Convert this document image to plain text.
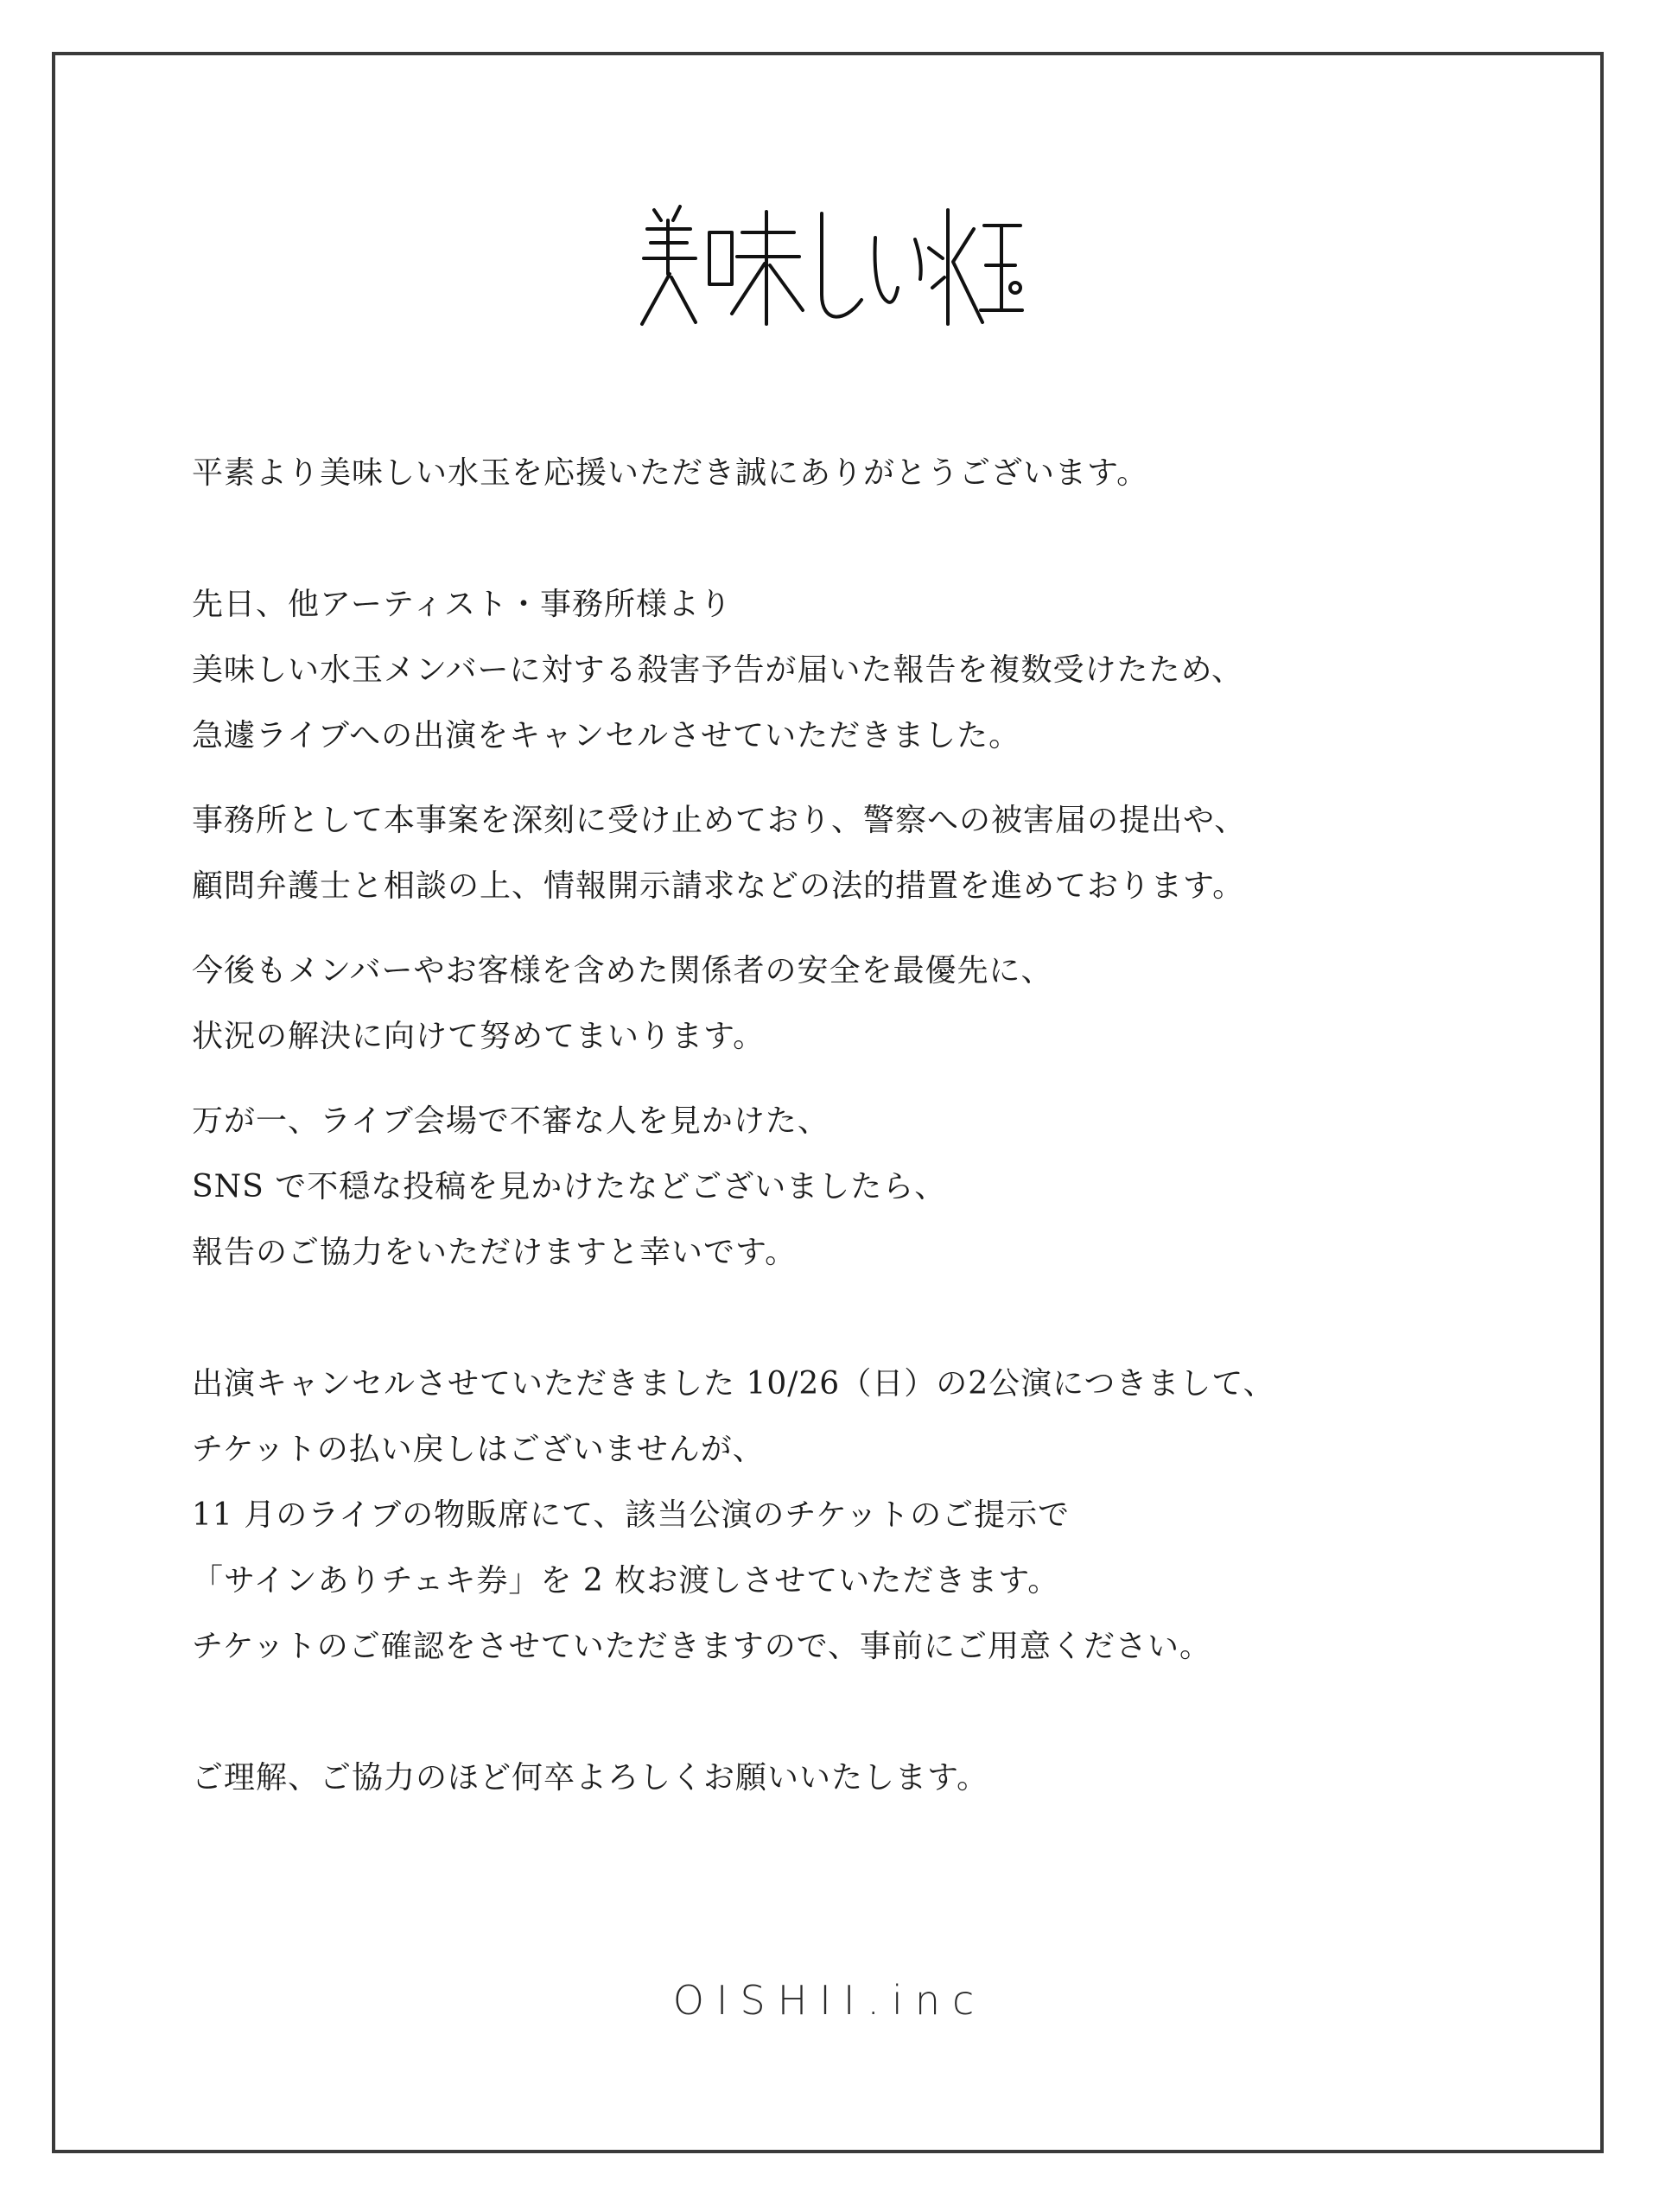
平素より美味しい水玉を応援いただき誠にありがとうございます。
先日、他アーティスト・事務所様より
美味しい水玉メンバーに対する殺害予告が届いた報告を複数受けたため、
急遽ライブへの出演をキャンセルさせていただきました。
事務所として本事案を深刻に受け止めており、警察への被害届の提出や、
顧問弁護士と相談の上、情報開示請求などの法的措置を進めております。
今後もメンバーやお客様を含めた関係者の安全を最優先に、
状況の解決に向けて努めてまいります。
万が一、ライブ会場で不審な人を見かけた、
SNS で不穏な投稿を見かけたなどございましたら、
報告のご協力をいただけますと幸いです。
出演キャンセルさせていただきました 10/26（日）の2公演につきまして、
チケットの払い戻しはございませんが、
11 月のライブの物販席にて、該当公演のチケットのご提示で
「サインありチェキ券」を 2 枚お渡しさせていただきます。
チケットのご確認をさせていただきますので、事前にご用意ください。
ご理解、ご協力のほど何卒よろしくお願いいたします。
OISHII.inc
